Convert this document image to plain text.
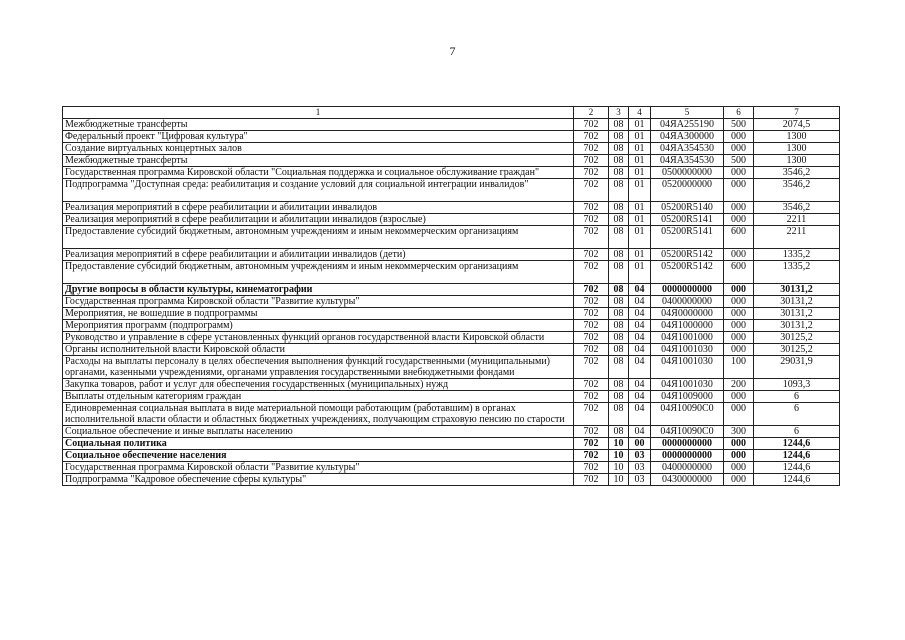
7
1	2	3	4	5	6	7
Межбюджетные трансферты	702	08	01	04ЯА255190	500	2074,5
Федеральный проект "Цифровая культура"	702	08	01	04ЯА300000	000	1300
Создание виртуальных концертных залов	702	08	01	04ЯА354530	000	1300
Межбюджетные трансферты	702	08	01	04ЯА354530	500	1300
Государственная программа Кировской области "Социальная поддержка и социальное обслуживание граждан"	702	08	01	0500000000	000	3546,2
Подпрограмма "Доступная среда: реабилитация и создание условий для социальной интеграции инвалидов"	702	08	01	0520000000	000	3546,2
Реализация мероприятий в сфере реабилитации и абилитации инвалидов	702	08	01	05200R5140	000	3546,2
Реализация мероприятий в сфере реабилитации и абилитации инвалидов (взрослые)	702	08	01	05200R5141	000	2211
Предоставление субсидий бюджетным, автономным учреждениям и иным некоммерческим организациям	702	08	01	05200R5141	600	2211
Реализация мероприятий в сфере реабилитации и абилитации инвалидов (дети)	702	08	01	05200R5142	000	1335,2
Предоставление субсидий бюджетным, автономным учреждениям и иным некоммерческим организациям	702	08	01	05200R5142	600	1335,2
Другие вопросы в области культуры, кинематографии	702	08	04	0000000000	000	30131,2
Государственная программа Кировской области "Развитие культуры"	702	08	04	0400000000	000	30131,2
Мероприятия, не вошедшие в подпрограммы	702	08	04	04Я0000000	000	30131,2
Мероприятия программ (подпрограмм)	702	08	04	04Я1000000	000	30131,2
Руководство и управление в сфере установленных функций органов государственной власти Кировской области	702	08	04	04Я1001000	000	30125,2
Органы исполнительной власти Кировской области	702	08	04	04Я1001030	000	30125,2
Расходы на выплаты персоналу в целях обеспечения выполнения функций государственными (муниципальными) органами, казенными учреждениями, органами управления государственными внебюджетными фондами	702	08	04	04Я1001030	100	29031,9
Закупка товаров, работ и услуг для обеспечения государственных (муниципальных) нужд	702	08	04	04Я1001030	200	1093,3
Выплаты отдельным категориям граждан	702	08	04	04Я1009000	000	6
Единовременная социальная выплата в виде материальной помощи работающим (работавшим) в органах исполнительной власти области и областных бюджетных учреждениях, получающим страховую пенсию по старости	702	08	04	04Я10090С0	000	6
Социальное обеспечение и иные выплаты населению	702	08	04	04Я10090С0	300	6
Социальная политика	702	10	00	0000000000	000	1244,6
Социальное обеспечение населения	702	10	03	0000000000	000	1244,6
Государственная программа Кировской области "Развитие культуры"	702	10	03	0400000000	000	1244,6
Подпрограмма "Кадровое обеспечение сферы культуры"	702	10	03	0430000000	000	1244,6
